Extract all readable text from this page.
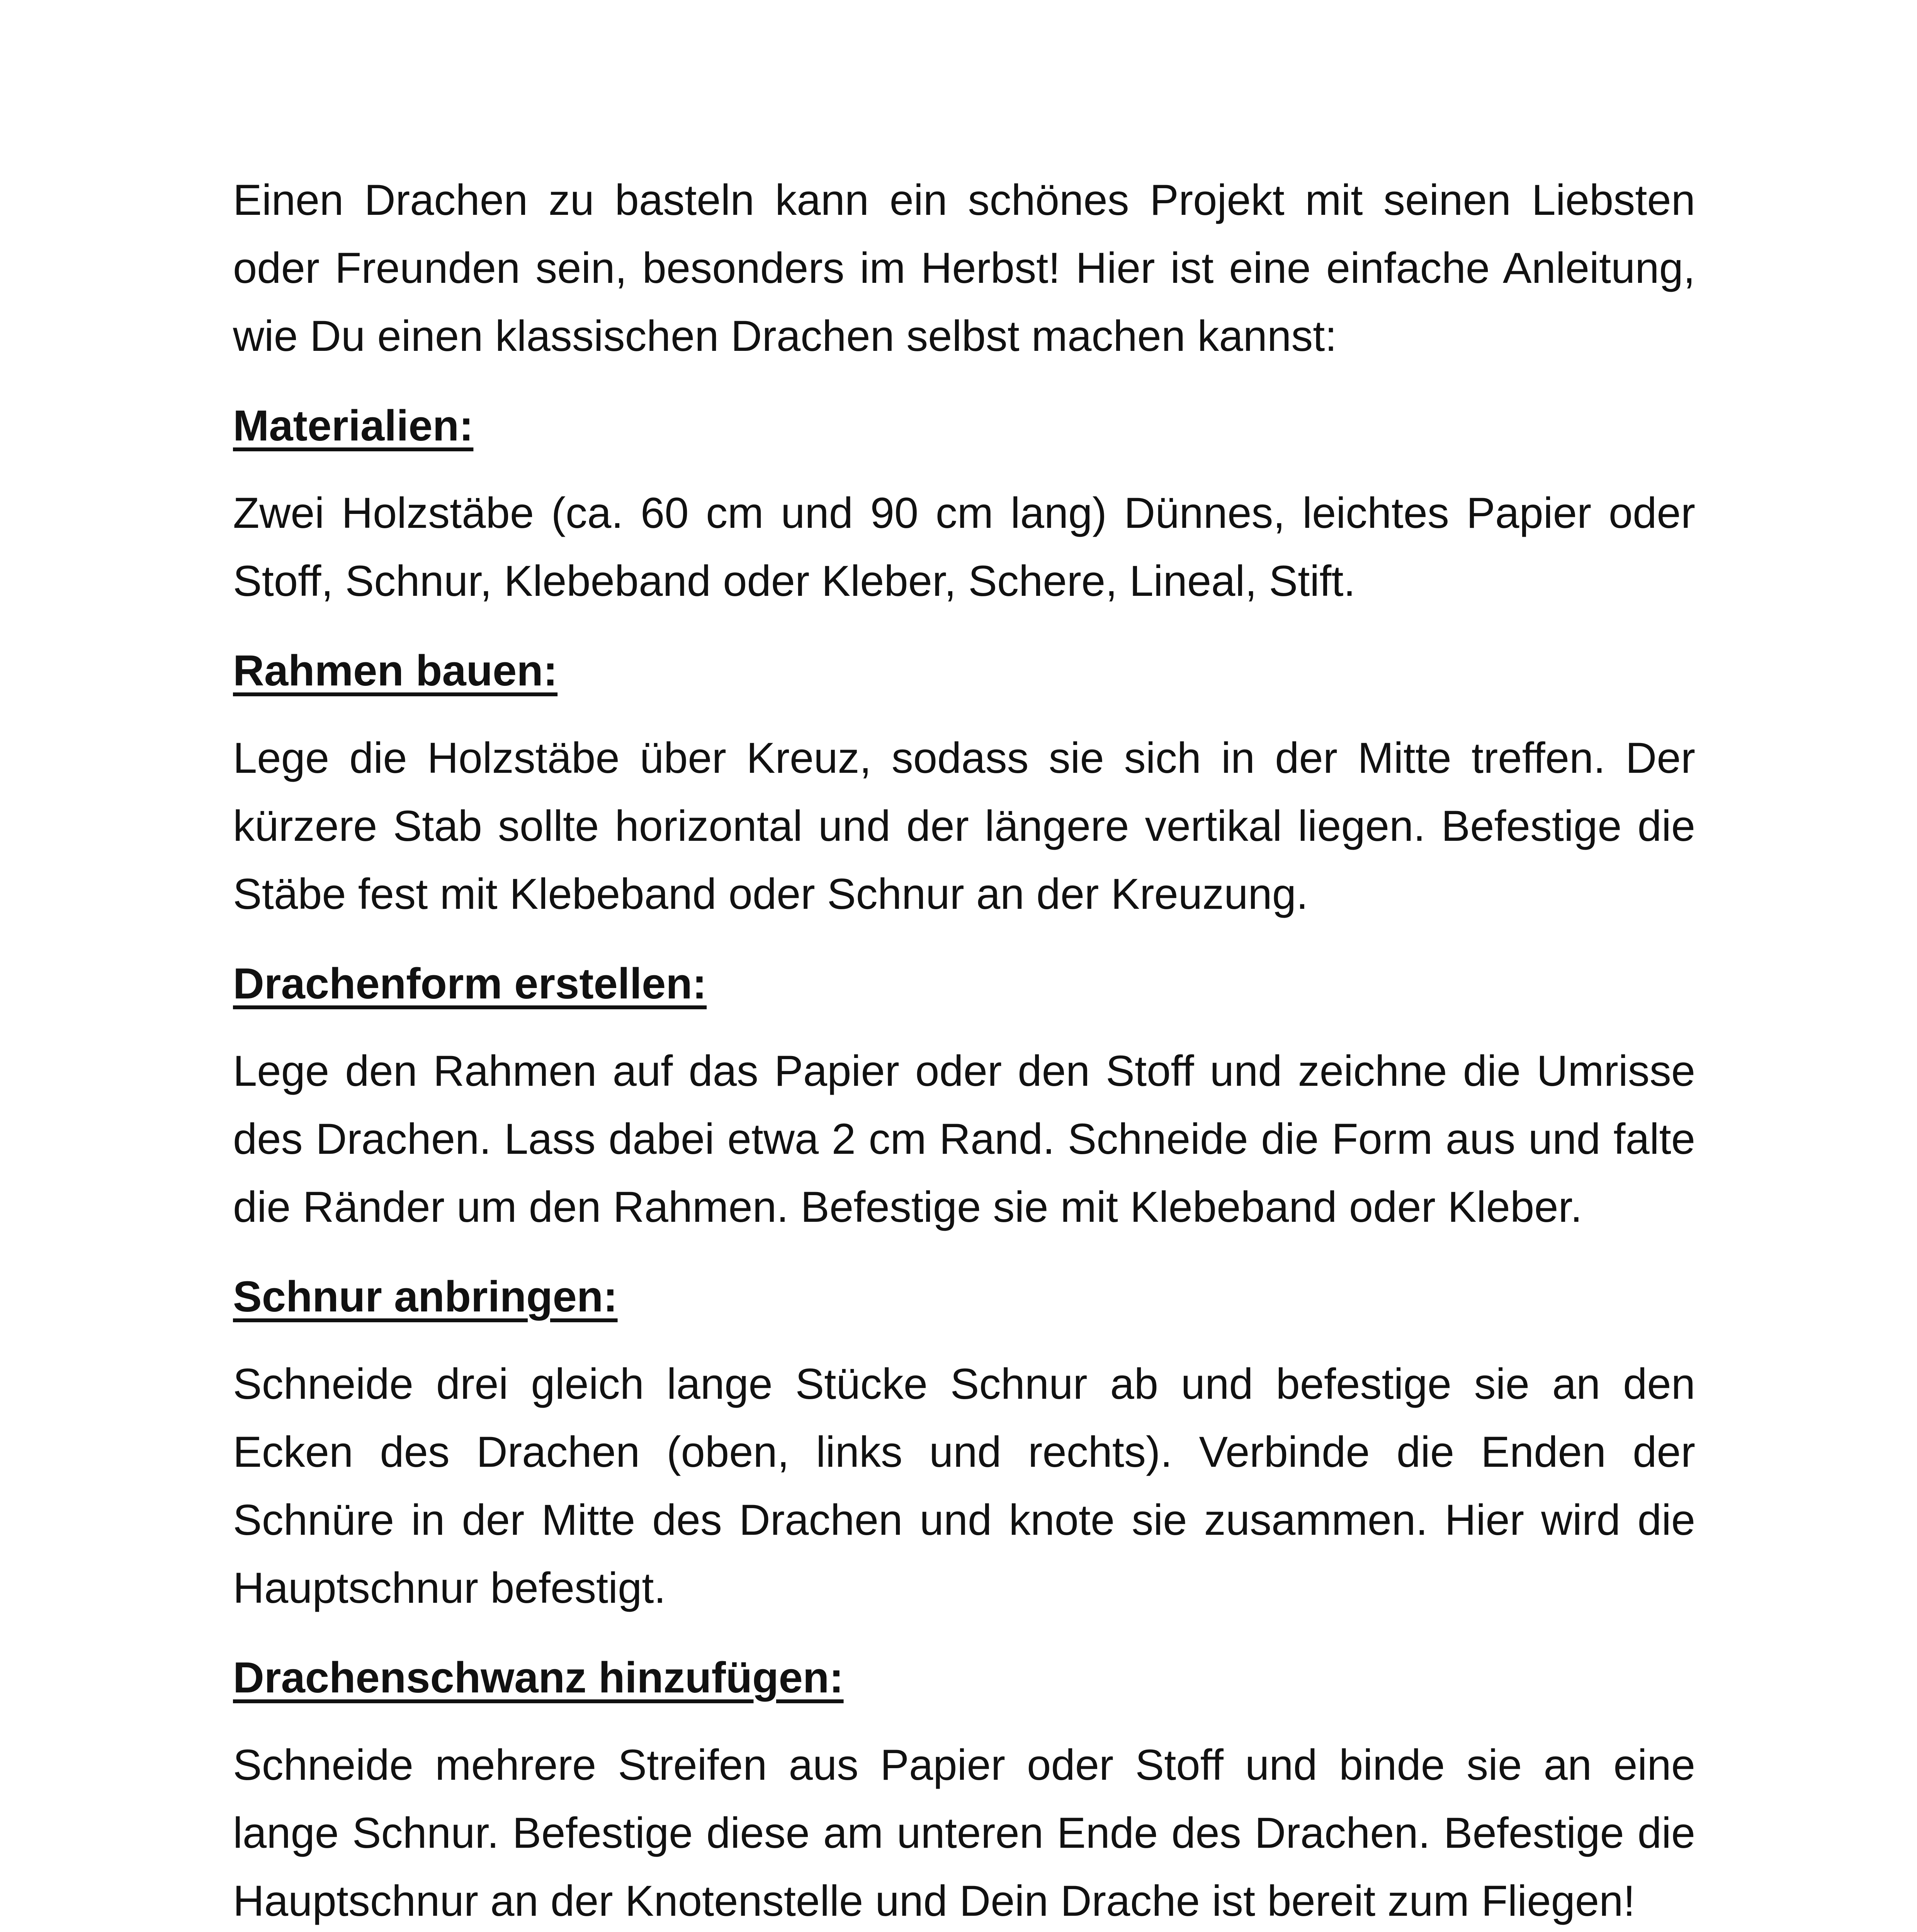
Einen Drachen zu basteln kann ein schönes Projekt mit seinen Liebsten oder Freunden sein, besonders im Herbst! Hier ist eine einfache Anleitung, wie Du einen klassischen Drachen selbst machen kannst:

Materialien:

Zwei Holzstäbe (ca. 60 cm und 90 cm lang) Dünnes, leichtes Papier oder Stoff, Schnur, Klebeband oder Kleber, Schere, Lineal, Stift.

Rahmen bauen:

Lege die Holzstäbe über Kreuz, sodass sie sich in der Mitte treffen. Der kürzere Stab sollte horizontal und der längere vertikal liegen. Befestige die Stäbe fest mit Klebeband oder Schnur an der Kreuzung.

Drachenform erstellen:

Lege den Rahmen auf das Papier oder den Stoff und zeichne die Umrisse des Drachen. Lass dabei etwa 2 cm Rand. Schneide die Form aus und falte die Ränder um den Rahmen. Befestige sie mit Klebeband oder Kleber.

Schnur anbringen:

Schneide drei gleich lange Stücke Schnur ab und befestige sie an den Ecken des Drachen (oben, links und rechts). Verbinde die Enden der Schnüre in der Mitte des Drachen und knote sie zusammen. Hier wird die Hauptschnur befestigt.

Drachenschwanz hinzufügen:

Schneide mehrere Streifen aus Papier oder Stoff und binde sie an eine lange Schnur. Befestige diese am unteren Ende des Drachen. Befestige die Hauptschnur an der Knotenstelle und Dein Drache ist bereit zum Fliegen!
